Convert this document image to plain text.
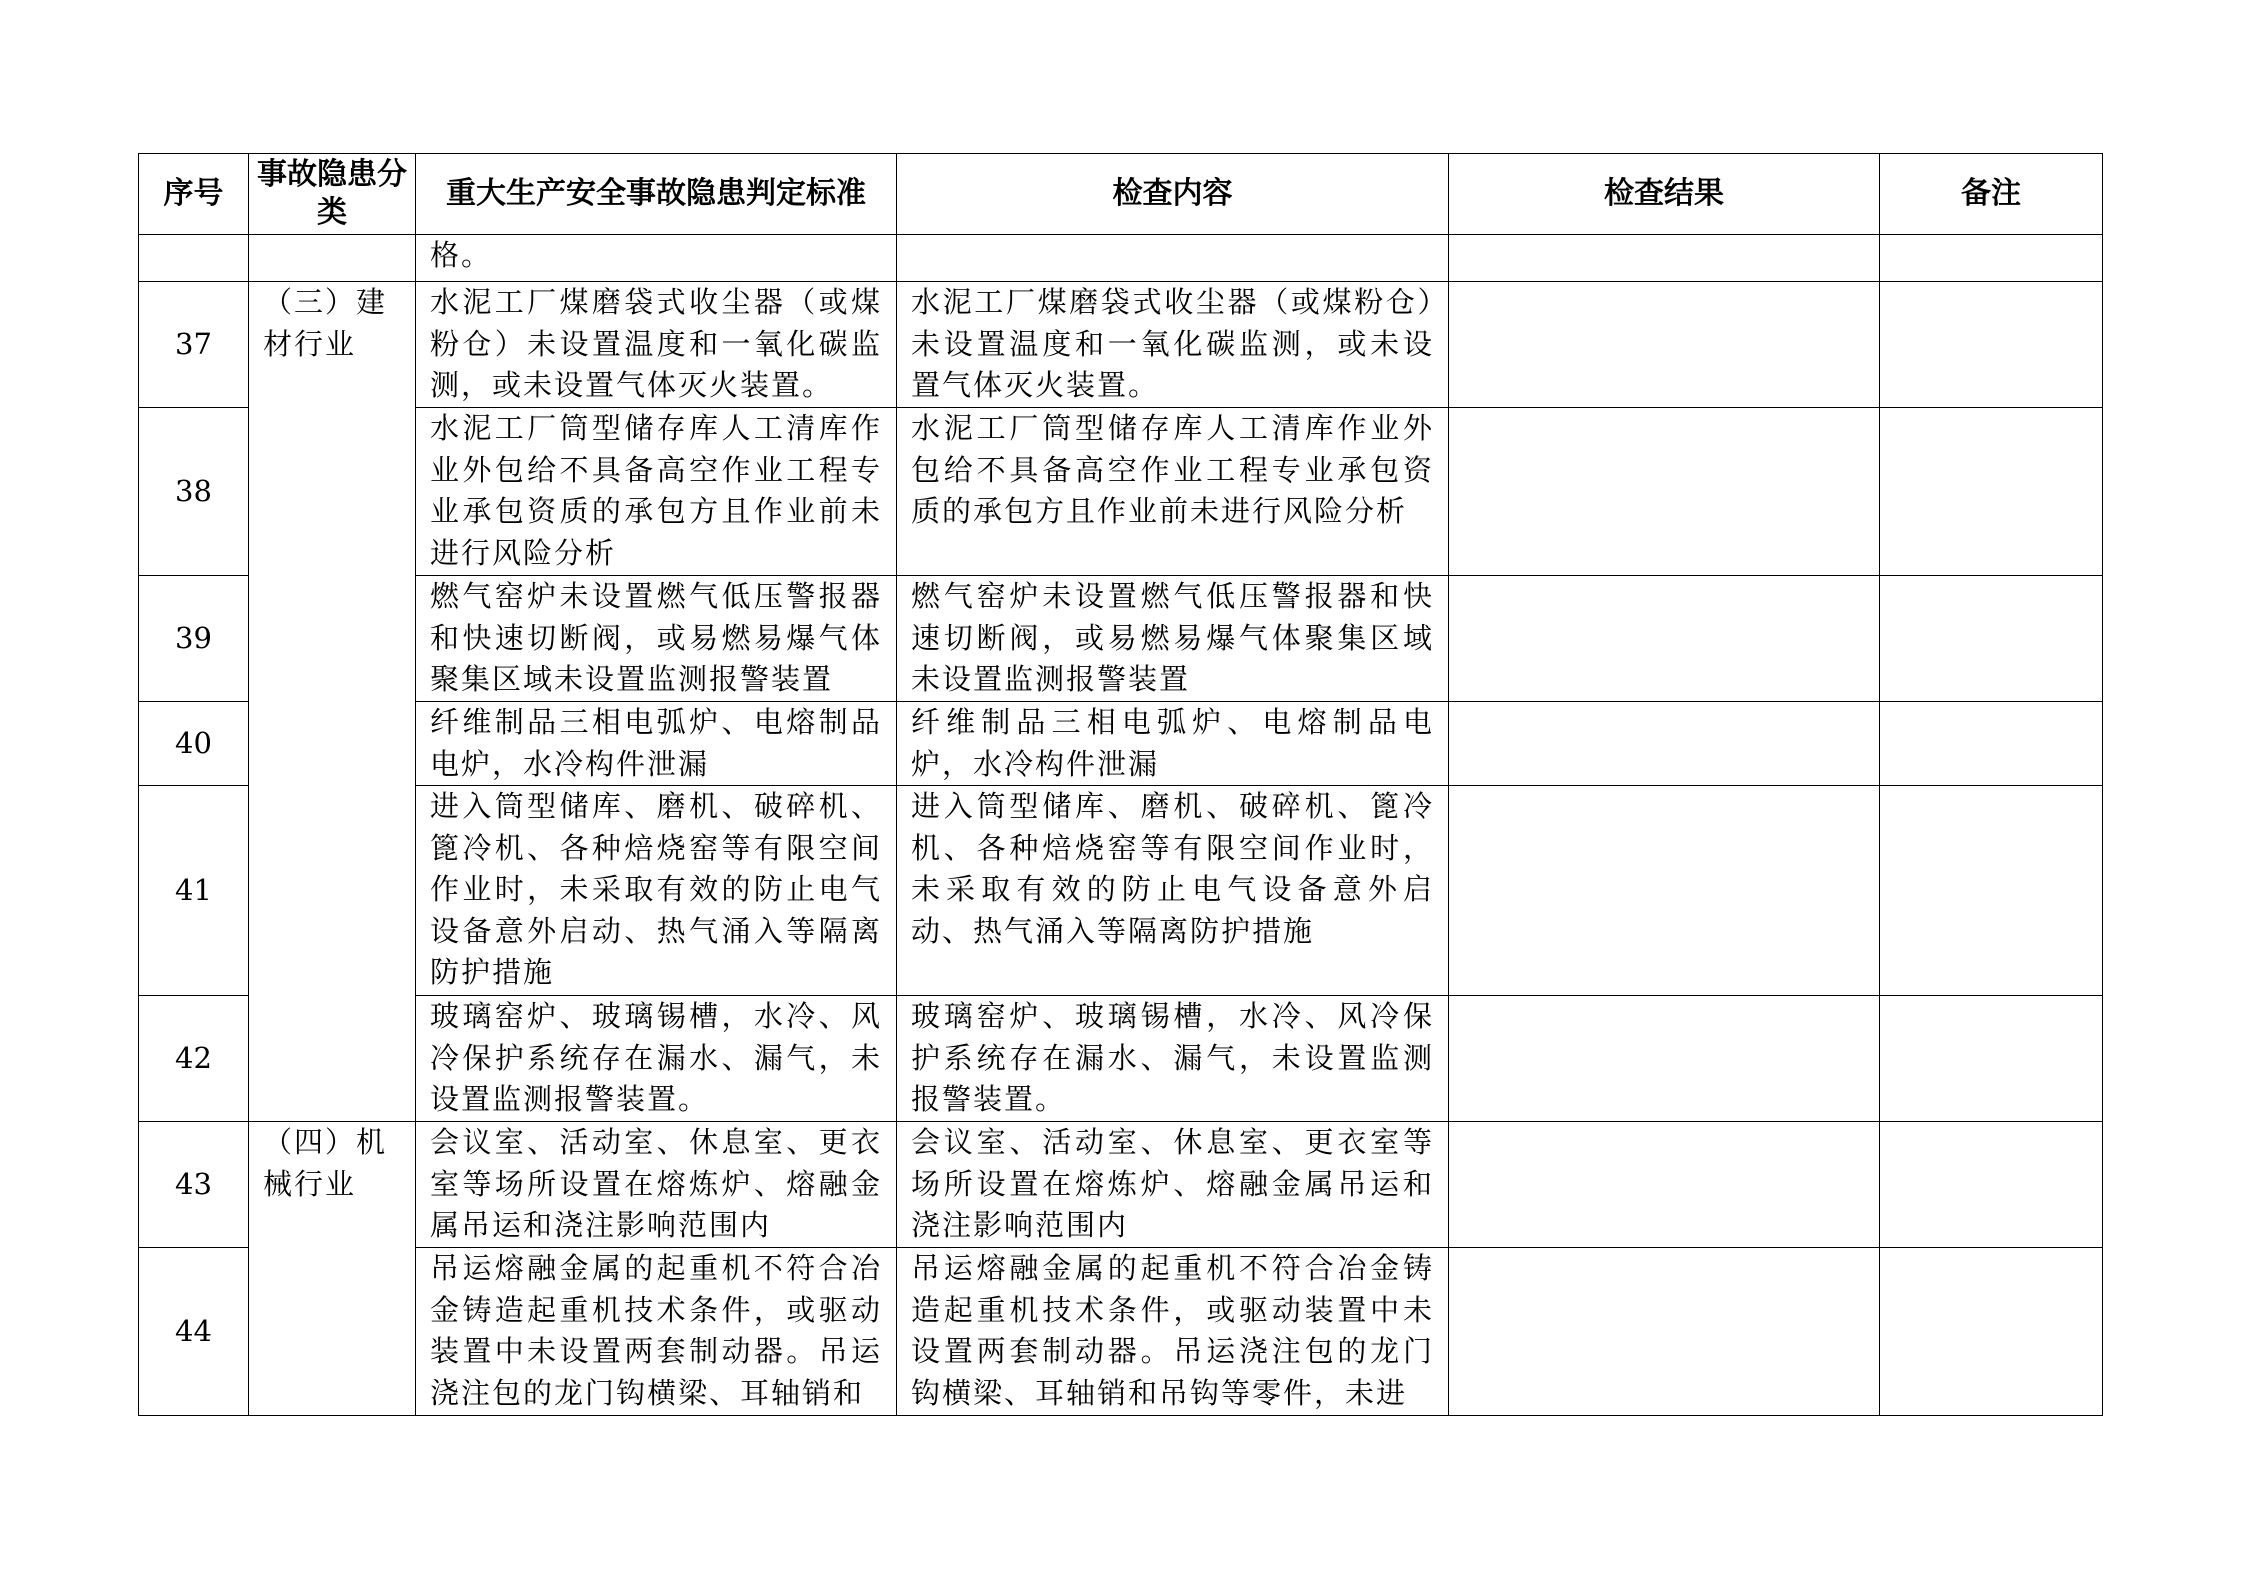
序号	事故隐患分类	重大生产安全事故隐患判定标准	检查内容	检查结果	备注
		格。			
37	（三）建材行业	水泥工厂煤磨袋式收尘器（或煤粉仓）未设置温度和一氧化碳监测，或未设置气体灭火装置。	水泥工厂煤磨袋式收尘器（或煤粉仓）未设置温度和一氧化碳监测，或未设置气体灭火装置。		
38		水泥工厂筒型储存库人工清库作业外包给不具备高空作业工程专业承包资质的承包方且作业前未进行风险分析	水泥工厂筒型储存库人工清库作业外包给不具备高空作业工程专业承包资质的承包方且作业前未进行风险分析		
39		燃气窑炉未设置燃气低压警报器和快速切断阀，或易燃易爆气体聚集区域未设置监测报警装置	燃气窑炉未设置燃气低压警报器和快速切断阀，或易燃易爆气体聚集区域未设置监测报警装置		
40		纤维制品三相电弧炉、电熔制品电炉，水冷构件泄漏	纤维制品三相电弧炉、电熔制品电炉，水冷构件泄漏		
41		进入筒型储库、磨机、破碎机、篦冷机、各种焙烧窑等有限空间作业时，未采取有效的防止电气设备意外启动、热气涌入等隔离防护措施	进入筒型储库、磨机、破碎机、篦冷机、各种焙烧窑等有限空间作业时，未采取有效的防止电气设备意外启动、热气涌入等隔离防护措施		
42		玻璃窑炉、玻璃锡槽，水冷、风冷保护系统存在漏水、漏气，未设置监测报警装置。	玻璃窑炉、玻璃锡槽，水冷、风冷保护系统存在漏水、漏气，未设置监测报警装置。		
43	（四）机械行业	会议室、活动室、休息室、更衣室等场所设置在熔炼炉、熔融金属吊运和浇注影响范围内	会议室、活动室、休息室、更衣室等场所设置在熔炼炉、熔融金属吊运和浇注影响范围内		
44		吊运熔融金属的起重机不符合冶金铸造起重机技术条件，或驱动装置中未设置两套制动器。吊运浇注包的龙门钩横梁、耳轴销和	吊运熔融金属的起重机不符合冶金铸造起重机技术条件，或驱动装置中未设置两套制动器。吊运浇注包的龙门钩横梁、耳轴销和吊钩等零件，未进		
